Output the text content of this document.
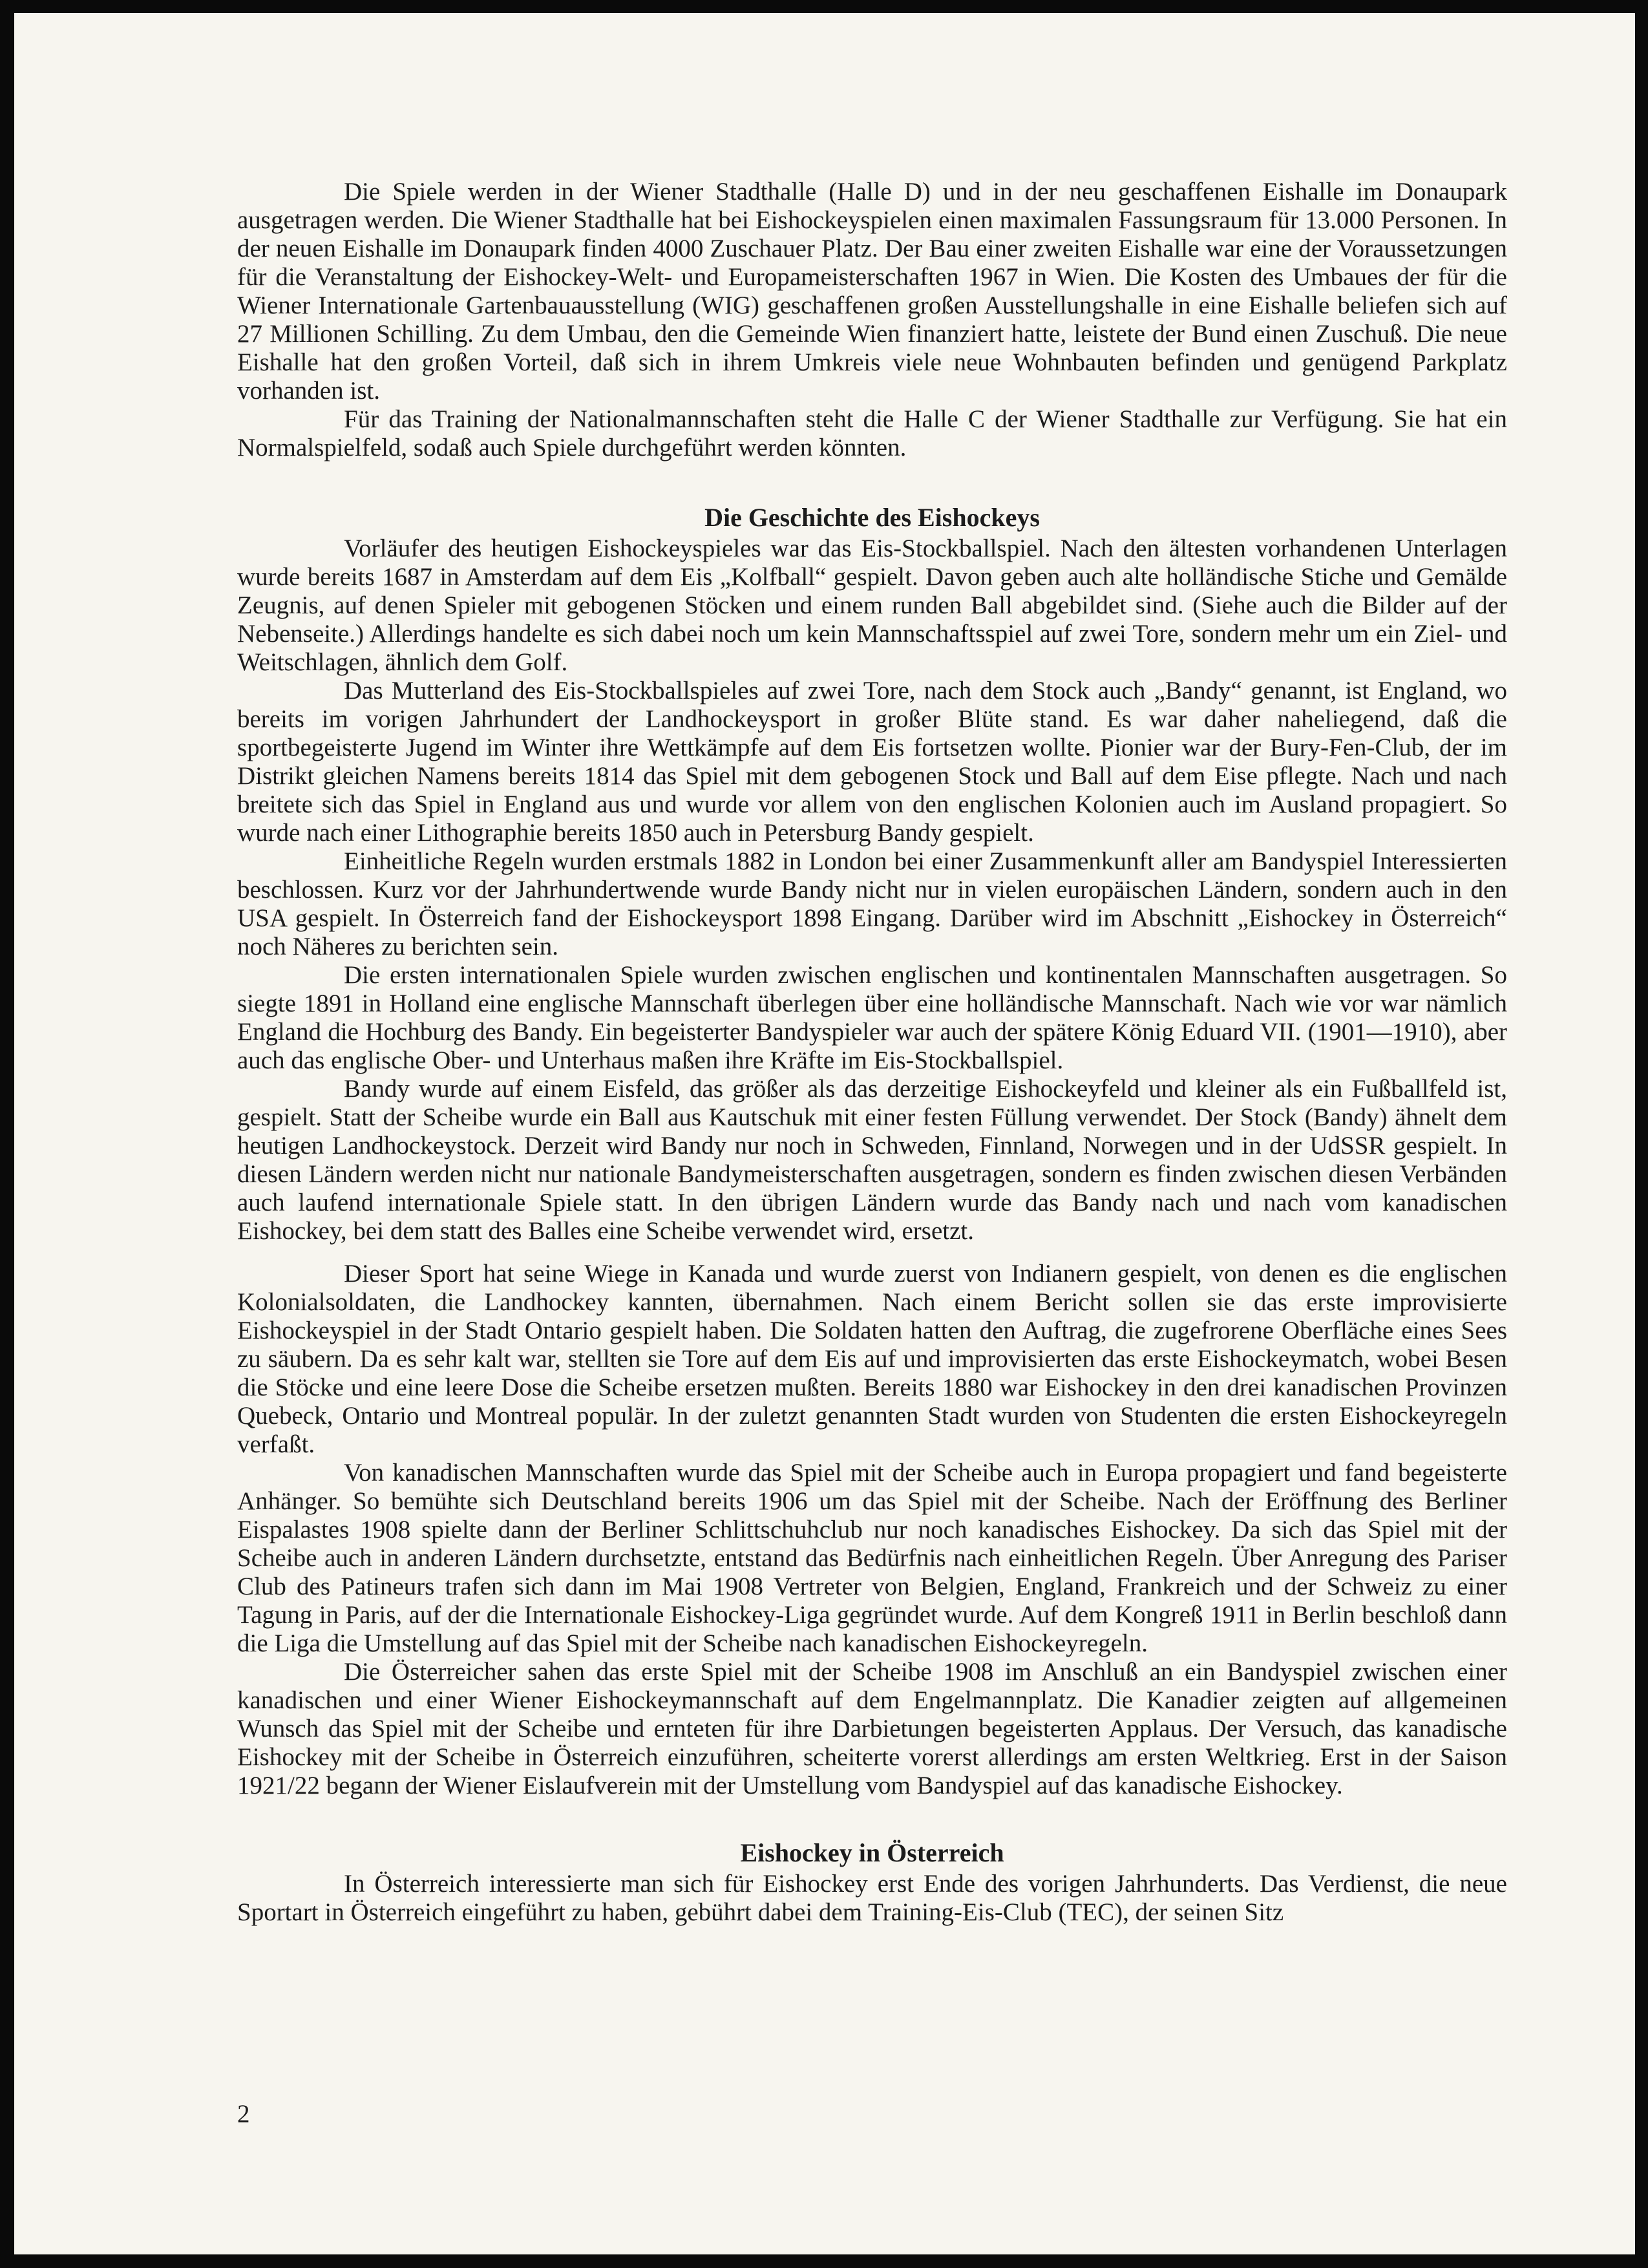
Die Spiele werden in der Wiener Stadthalle (Halle D) und in der neu geschaffenen Eishalle im Donaupark ausgetragen werden. Die Wiener Stadthalle hat bei Eishockeyspielen einen maximalen Fassungsraum für 13.000 Personen. In der neuen Eishalle im Donaupark finden 4000 Zuschauer Platz. Der Bau einer zweiten Eishalle war eine der Voraussetzungen für die Veranstaltung der Eishockey-Welt- und Europameisterschaften 1967 in Wien. Die Kosten des Umbaues der für die Wiener Internationale Gartenbauausstellung (WIG) geschaffenen großen Ausstellungshalle in eine Eishalle beliefen sich auf 27 Millionen Schilling. Zu dem Umbau, den die Gemeinde Wien finanziert hatte, leistete der Bund einen Zuschuß. Die neue Eishalle hat den großen Vorteil, daß sich in ihrem Umkreis viele neue Wohnbauten befinden und genügend Parkplatz vorhanden ist.

Für das Training der Nationalmannschaften steht die Halle C der Wiener Stadthalle zur Verfügung. Sie hat ein Normalspielfeld, sodaß auch Spiele durchgeführt werden könnten.

Die Geschichte des Eishockeys

Vorläufer des heutigen Eishockeyspieles war das Eis-Stockballspiel. Nach den ältesten vorhandenen Unterlagen wurde bereits 1687 in Amsterdam auf dem Eis „Kolfball“ gespielt. Davon geben auch alte holländische Stiche und Gemälde Zeugnis, auf denen Spieler mit gebogenen Stöcken und einem runden Ball abgebildet sind. (Siehe auch die Bilder auf der Nebenseite.) Allerdings handelte es sich dabei noch um kein Mannschaftsspiel auf zwei Tore, sondern mehr um ein Ziel- und Weitschlagen, ähnlich dem Golf.

Das Mutterland des Eis-Stockballspieles auf zwei Tore, nach dem Stock auch „Bandy“ genannt, ist England, wo bereits im vorigen Jahrhundert der Landhockeysport in großer Blüte stand. Es war daher naheliegend, daß die sportbegeisterte Jugend im Winter ihre Wettkämpfe auf dem Eis fortsetzen wollte. Pionier war der Bury-Fen-Club, der im Distrikt gleichen Namens bereits 1814 das Spiel mit dem gebogenen Stock und Ball auf dem Eise pflegte. Nach und nach breitete sich das Spiel in England aus und wurde vor allem von den englischen Kolonien auch im Ausland propagiert. So wurde nach einer Lithographie bereits 1850 auch in Petersburg Bandy gespielt.

Einheitliche Regeln wurden erstmals 1882 in London bei einer Zusammenkunft aller am Bandyspiel Interessierten beschlossen. Kurz vor der Jahrhundertwende wurde Bandy nicht nur in vielen europäischen Ländern, sondern auch in den USA gespielt. In Österreich fand der Eishockeysport 1898 Eingang. Darüber wird im Abschnitt „Eishockey in Österreich“ noch Näheres zu berichten sein.

Die ersten internationalen Spiele wurden zwischen englischen und kontinentalen Mannschaften ausgetragen. So siegte 1891 in Holland eine englische Mannschaft überlegen über eine holländische Mannschaft. Nach wie vor war nämlich England die Hochburg des Bandy. Ein begeisterter Bandyspieler war auch der spätere König Eduard VII. (1901—1910), aber auch das englische Ober- und Unterhaus maßen ihre Kräfte im Eis-Stockballspiel.

Bandy wurde auf einem Eisfeld, das größer als das derzeitige Eishockeyfeld und kleiner als ein Fußballfeld ist, gespielt. Statt der Scheibe wurde ein Ball aus Kautschuk mit einer festen Füllung verwendet. Der Stock (Bandy) ähnelt dem heutigen Landhockeystock. Derzeit wird Bandy nur noch in Schweden, Finnland, Norwegen und in der UdSSR gespielt. In diesen Ländern werden nicht nur nationale Bandymeisterschaften ausgetragen, sondern es finden zwischen diesen Verbänden auch laufend internationale Spiele statt. In den übrigen Ländern wurde das Bandy nach und nach vom kanadischen Eishockey, bei dem statt des Balles eine Scheibe verwendet wird, ersetzt.

Dieser Sport hat seine Wiege in Kanada und wurde zuerst von Indianern gespielt, von denen es die englischen Kolonialsoldaten, die Landhockey kannten, übernahmen. Nach einem Bericht sollen sie das erste improvisierte Eishockeyspiel in der Stadt Ontario gespielt haben. Die Soldaten hatten den Auftrag, die zugefrorene Oberfläche eines Sees zu säubern. Da es sehr kalt war, stellten sie Tore auf dem Eis auf und improvisierten das erste Eishockeymatch, wobei Besen die Stöcke und eine leere Dose die Scheibe ersetzen mußten. Bereits 1880 war Eishockey in den drei kanadischen Provinzen Quebeck, Ontario und Montreal populär. In der zuletzt genannten Stadt wurden von Studenten die ersten Eishockeyregeln verfaßt.

Von kanadischen Mannschaften wurde das Spiel mit der Scheibe auch in Europa propagiert und fand begeisterte Anhänger. So bemühte sich Deutschland bereits 1906 um das Spiel mit der Scheibe. Nach der Eröffnung des Berliner Eispalastes 1908 spielte dann der Berliner Schlittschuhclub nur noch kanadisches Eishockey. Da sich das Spiel mit der Scheibe auch in anderen Ländern durchsetzte, entstand das Bedürfnis nach einheitlichen Regeln. Über Anregung des Pariser Club des Patineurs trafen sich dann im Mai 1908 Vertreter von Belgien, England, Frankreich und der Schweiz zu einer Tagung in Paris, auf der die Internationale Eishockey-Liga gegründet wurde. Auf dem Kongreß 1911 in Berlin beschloß dann die Liga die Umstellung auf das Spiel mit der Scheibe nach kanadischen Eishockeyregeln.

Die Österreicher sahen das erste Spiel mit der Scheibe 1908 im Anschluß an ein Bandyspiel zwischen einer kanadischen und einer Wiener Eishockeymannschaft auf dem Engelmannplatz. Die Kanadier zeigten auf allgemeinen Wunsch das Spiel mit der Scheibe und ernteten für ihre Darbietungen begeisterten Applaus. Der Versuch, das kanadische Eishockey mit der Scheibe in Österreich einzuführen, scheiterte vorerst allerdings am ersten Weltkrieg. Erst in der Saison 1921/22 begann der Wiener Eislaufverein mit der Umstellung vom Bandyspiel auf das kanadische Eishockey.

Eishockey in Österreich

In Österreich interessierte man sich für Eishockey erst Ende des vorigen Jahrhunderts. Das Verdienst, die neue Sportart in Österreich eingeführt zu haben, gebührt dabei dem Training-Eis-Club (TEC), der seinen Sitz

2
